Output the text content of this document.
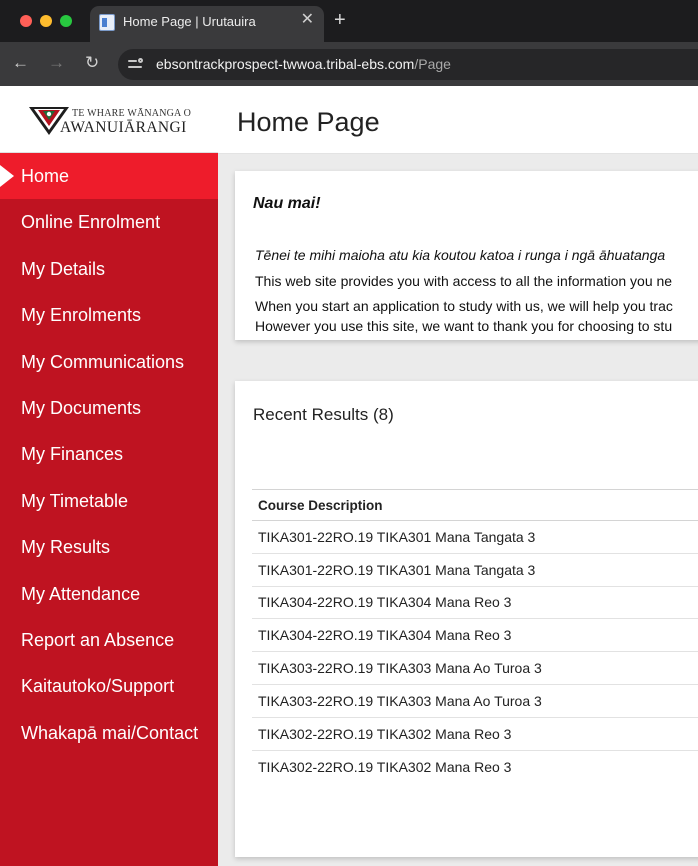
Home Page | Urutauira	✕ +
← → ↻	ebsontrackprospect-twwoa.tribal-ebs.com/Page
TE WHARE WĀNANGA O
AWANUIĀRANGI
Home
Online Enrolment
My Details
My Enrolments
My Communications
My Documents
My Finances
My Timetable
My Results
My Attendance
Report an Absence
Kaitautoko/Support
Whakapā mai/Contact
Home Page
Nau mai!
Tēnei te mihi maioha atu kia koutou katoa i runga i ngā āhuatanga
This web site provides you with access to all the information you ne
When you start an application to study with us, we will help you trac
However you use this site, we want to thank you for choosing to stu
Recent Results (8)
Course Description
TIKA301-22RO.19 TIKA301 Mana Tangata 3
TIKA301-22RO.19 TIKA301 Mana Tangata 3
TIKA304-22RO.19 TIKA304 Mana Reo 3
TIKA304-22RO.19 TIKA304 Mana Reo 3
TIKA303-22RO.19 TIKA303 Mana Ao Turoa 3
TIKA303-22RO.19 TIKA303 Mana Ao Turoa 3
TIKA302-22RO.19 TIKA302 Mana Reo 3
TIKA302-22RO.19 TIKA302 Mana Reo 3
